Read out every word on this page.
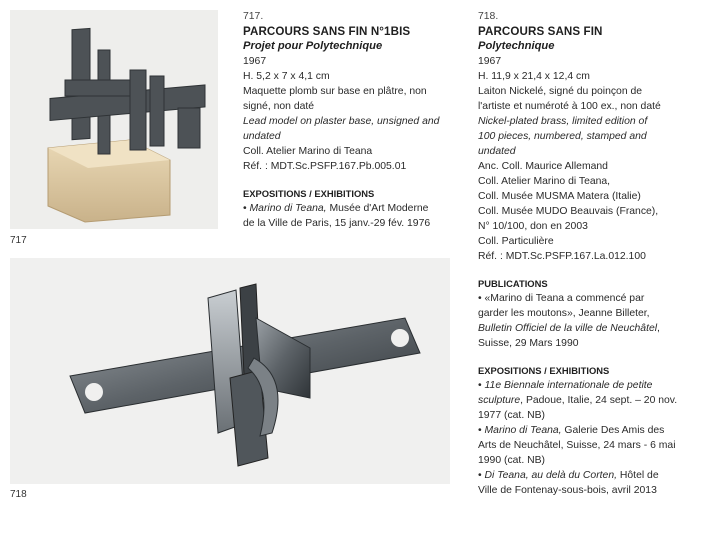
717
718
717.
PARCOURS SANS FIN N°1BIS
Projet pour Polytechnique
1967
H. 5,2 x 7 x 4,1 cm
Maquette plomb sur base en plâtre, non
signé, non daté
Lead model on plaster base, unsigned and
undated
Coll. Atelier Marino di Teana
Réf. : MDT.Sc.PSFP.167.Pb.005.01
EXPOSITIONS / EXHIBITIONS
• Marino di Teana, Musée d'Art Moderne
de la Ville de Paris, 15 janv.-29 fév. 1976
718.
PARCOURS SANS FIN
Polytechnique
1967
H. 11,9 x 21,4 x 12,4 cm
Laiton Nickelé, signé du poinçon de
l'artiste et numéroté à 100 ex., non daté
Nickel-plated brass, limited edition of
100 pieces, numbered, stamped and
undated
Anc. Coll. Maurice Allemand
Coll. Atelier Marino di Teana,
Coll. Musée MUSMA Matera (Italie)
Coll. Musée MUDO Beauvais (France),
N° 10/100, don en 2003
Coll. Particulière
Réf. : MDT.Sc.PSFP.167.La.012.100
PUBLICATIONS
• «Marino di Teana a commencé par
garder les moutons», Jeanne Billeter,
Bulletin Officiel de la ville de Neuchâtel,
Suisse, 29 Mars 1990
EXPOSITIONS / EXHIBITIONS
• 11e Biennale internationale de petite
sculpture, Padoue, Italie, 24 sept. – 20 nov.
1977 (cat. NB)
• Marino di Teana, Galerie Des Amis des
Arts de Neuchâtel, Suisse, 24 mars - 6 mai
1990 (cat. NB)
• Di Teana, au delà du Corten, Hôtel de
Ville de Fontenay-sous-bois, avril 2013
